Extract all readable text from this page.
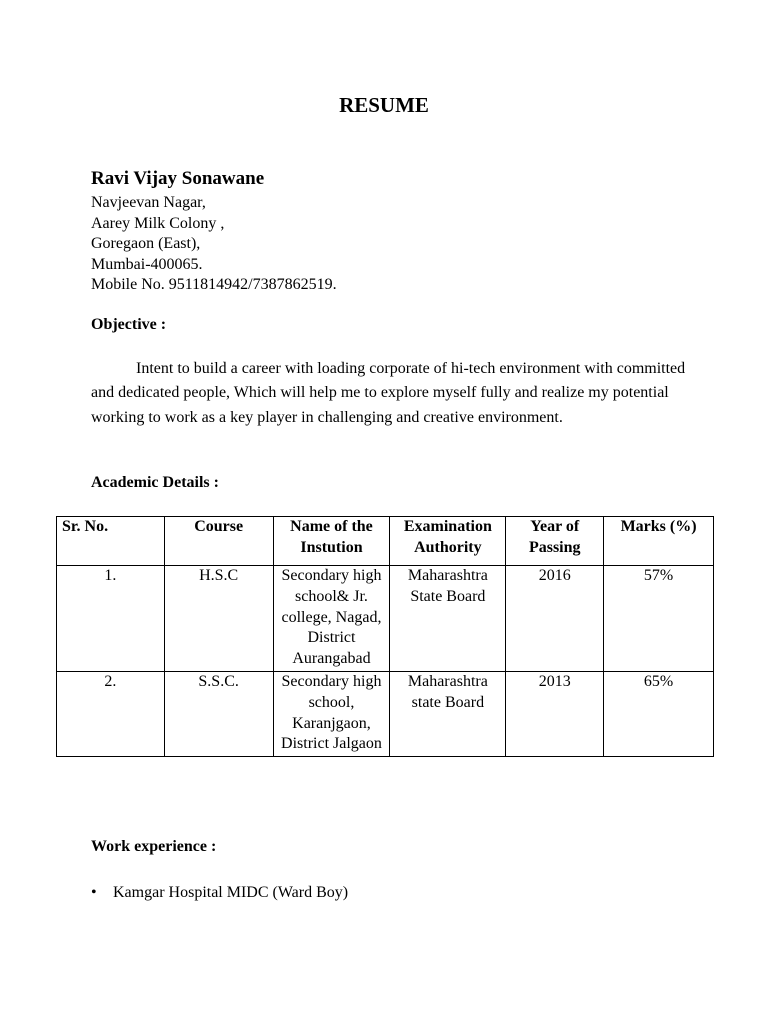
RESUME
Ravi Vijay Sonawane
Navjeevan Nagar,
Aarey Milk Colony ,
Goregaon (East),
Mumbai-400065.
Mobile No. 9511814942/7387862519.
Objective :
Intent to build a career with loading corporate of hi-tech environment with committed and dedicated people, Which will help me to explore myself fully and realize my potential working to work as a key player in challenging and creative environment.
Academic Details :
Sr. No.	Course	Name of the Instution	Examination Authority	Year of Passing	Marks (%)
1.	H.S.C	Secondary high school& Jr. college, Nagad, District Aurangabad	Maharashtra State Board	2016	57%
2.	S.S.C.	Secondary high school, Karanjgaon, District Jalgaon	Maharashtra state Board	2013	65%
Work experience :
• Kamgar Hospital MIDC (Ward Boy)
